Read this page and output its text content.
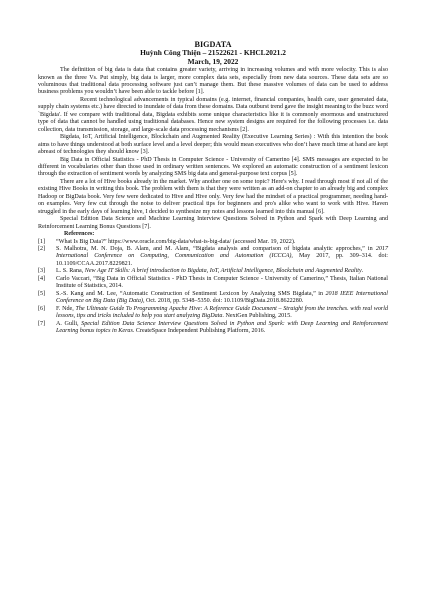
BIGDATA
Huỳnh Công Thiện – 21522621 - KHCL2021.2
March, 19, 2022

The definition of big data is data that contains greater variety, arriving in increasing volumes and with more velocity. This is also known as the three Vs. Put simply, big data is larger, more complex data sets, especially from new data sources. These data sets are so voluminous that traditional data processing software just can’t manage them. But these massive volumes of data can be used to address business problems you wouldn’t have been able to tackle before [1].

Recent technological advancements in typical domains (e.g. internet, financial companies, health care, user generated data, supply chain systems etc.) have directed to inundate of data from these domains. Data outburst trend gave the insight meaning to the buzz word `Bigdata'. If we compare with traditional data, Bigdata exhibits some unique characteristics like it is commonly enormous and unstructured type of data that cannot be handled using traditional databases. Hence new system designs are required for the following processes i.e. data collection, data transmission, storage, and large-scale data processing mechanisms [2].

Bigdata, IoT, Artificial Intelligence, Blockchain and Augmented Reality (Executive Learning Series) : With this intention the book aims to have things understood at both surface level and a level deeper; this would mean executives who don’t have much time at hand are kept abreast of technologies they should know [3].

Big Data in Official Statistics - PhD Thesis in Computer Science - University of Camerino [4]. SMS messages are expected to be different in vocabularies other than those used in ordinary written sentences. We explored an automatic construction of a sentiment lexicon through the extraction of sentiment words by analyzing SMS big data and general-purpose text corpus [5].

There are a lot of Hive books already in the market. Why another one on some topic? Here's why. I read through most if not all of the existing Hive Books in writing this book. The problem with them is that they were written as an add-on chapter to an already big and complex Hadoop or BigData book. Very few were dedicated to Hive and Hive only. Very few had the mindset of a practical programmer, needing hand-on examples. Very few cut through the noise to deliver practical tips for beginners and pro's alike who want to work with Hive. Haven struggled in the early days of learning hive, I decided to synthesize my notes and lessons learned into this manual [6].

Special Edition Data Science and Machine Learning Interview Questions Solved in Python and Spark with Deep Learning and Reinforcement Learning Bonus Questions [7].

References:
[1] “What Is Big Data?” https://www.oracle.com/big-data/what-is-big-data/ (accessed Mar. 19, 2022).
[2] S. Malhotra, M. N. Doja, B. Alam, and M. Alam, “Bigdata analysis and comparison of bigdata analytic approches,” in 2017 International Conference on Computing, Communication and Automation (ICCCA), May 2017, pp. 309–314. doi: 10.1109/CCAA.2017.8229821.
[3] L. S. Rana, New Age IT Skills: A brief introduction to Bigdata, IoT, Artificial Intelligence, Blockchain and Augmented Reality.
[4] Carlo Vaccari, “Big Data in Official Statistics - PhD Thesis in Computer Science - University of Camerino,” Thesis, Italian National Institute of Statistics, 2014.
[5] S.-S. Kang and M. Lee, “Automatic Construction of Sentiment Lexicon by Analyzing SMS Bigdata,” in 2018 IEEE International Conference on Big Data (Big Data), Oct. 2018, pp. 5348–5350. doi: 10.1109/BigData.2018.8622280.
[6] F. Nde, The Ultimate Guide To Programming Apache Hive: A Reference Guide Document – Straight from the trenches. with real world lessons, tips and tricks included to help you start analyzing BigData. NextGen Publishing, 2015.
[7] A. Gulli, Special Edition Data Science Interview Questions Solved in Python and Spark: with Deep Learning and Reinforcement Learning bonus topics in Keras. CreateSpace Independent Publishing Platform, 2016.
